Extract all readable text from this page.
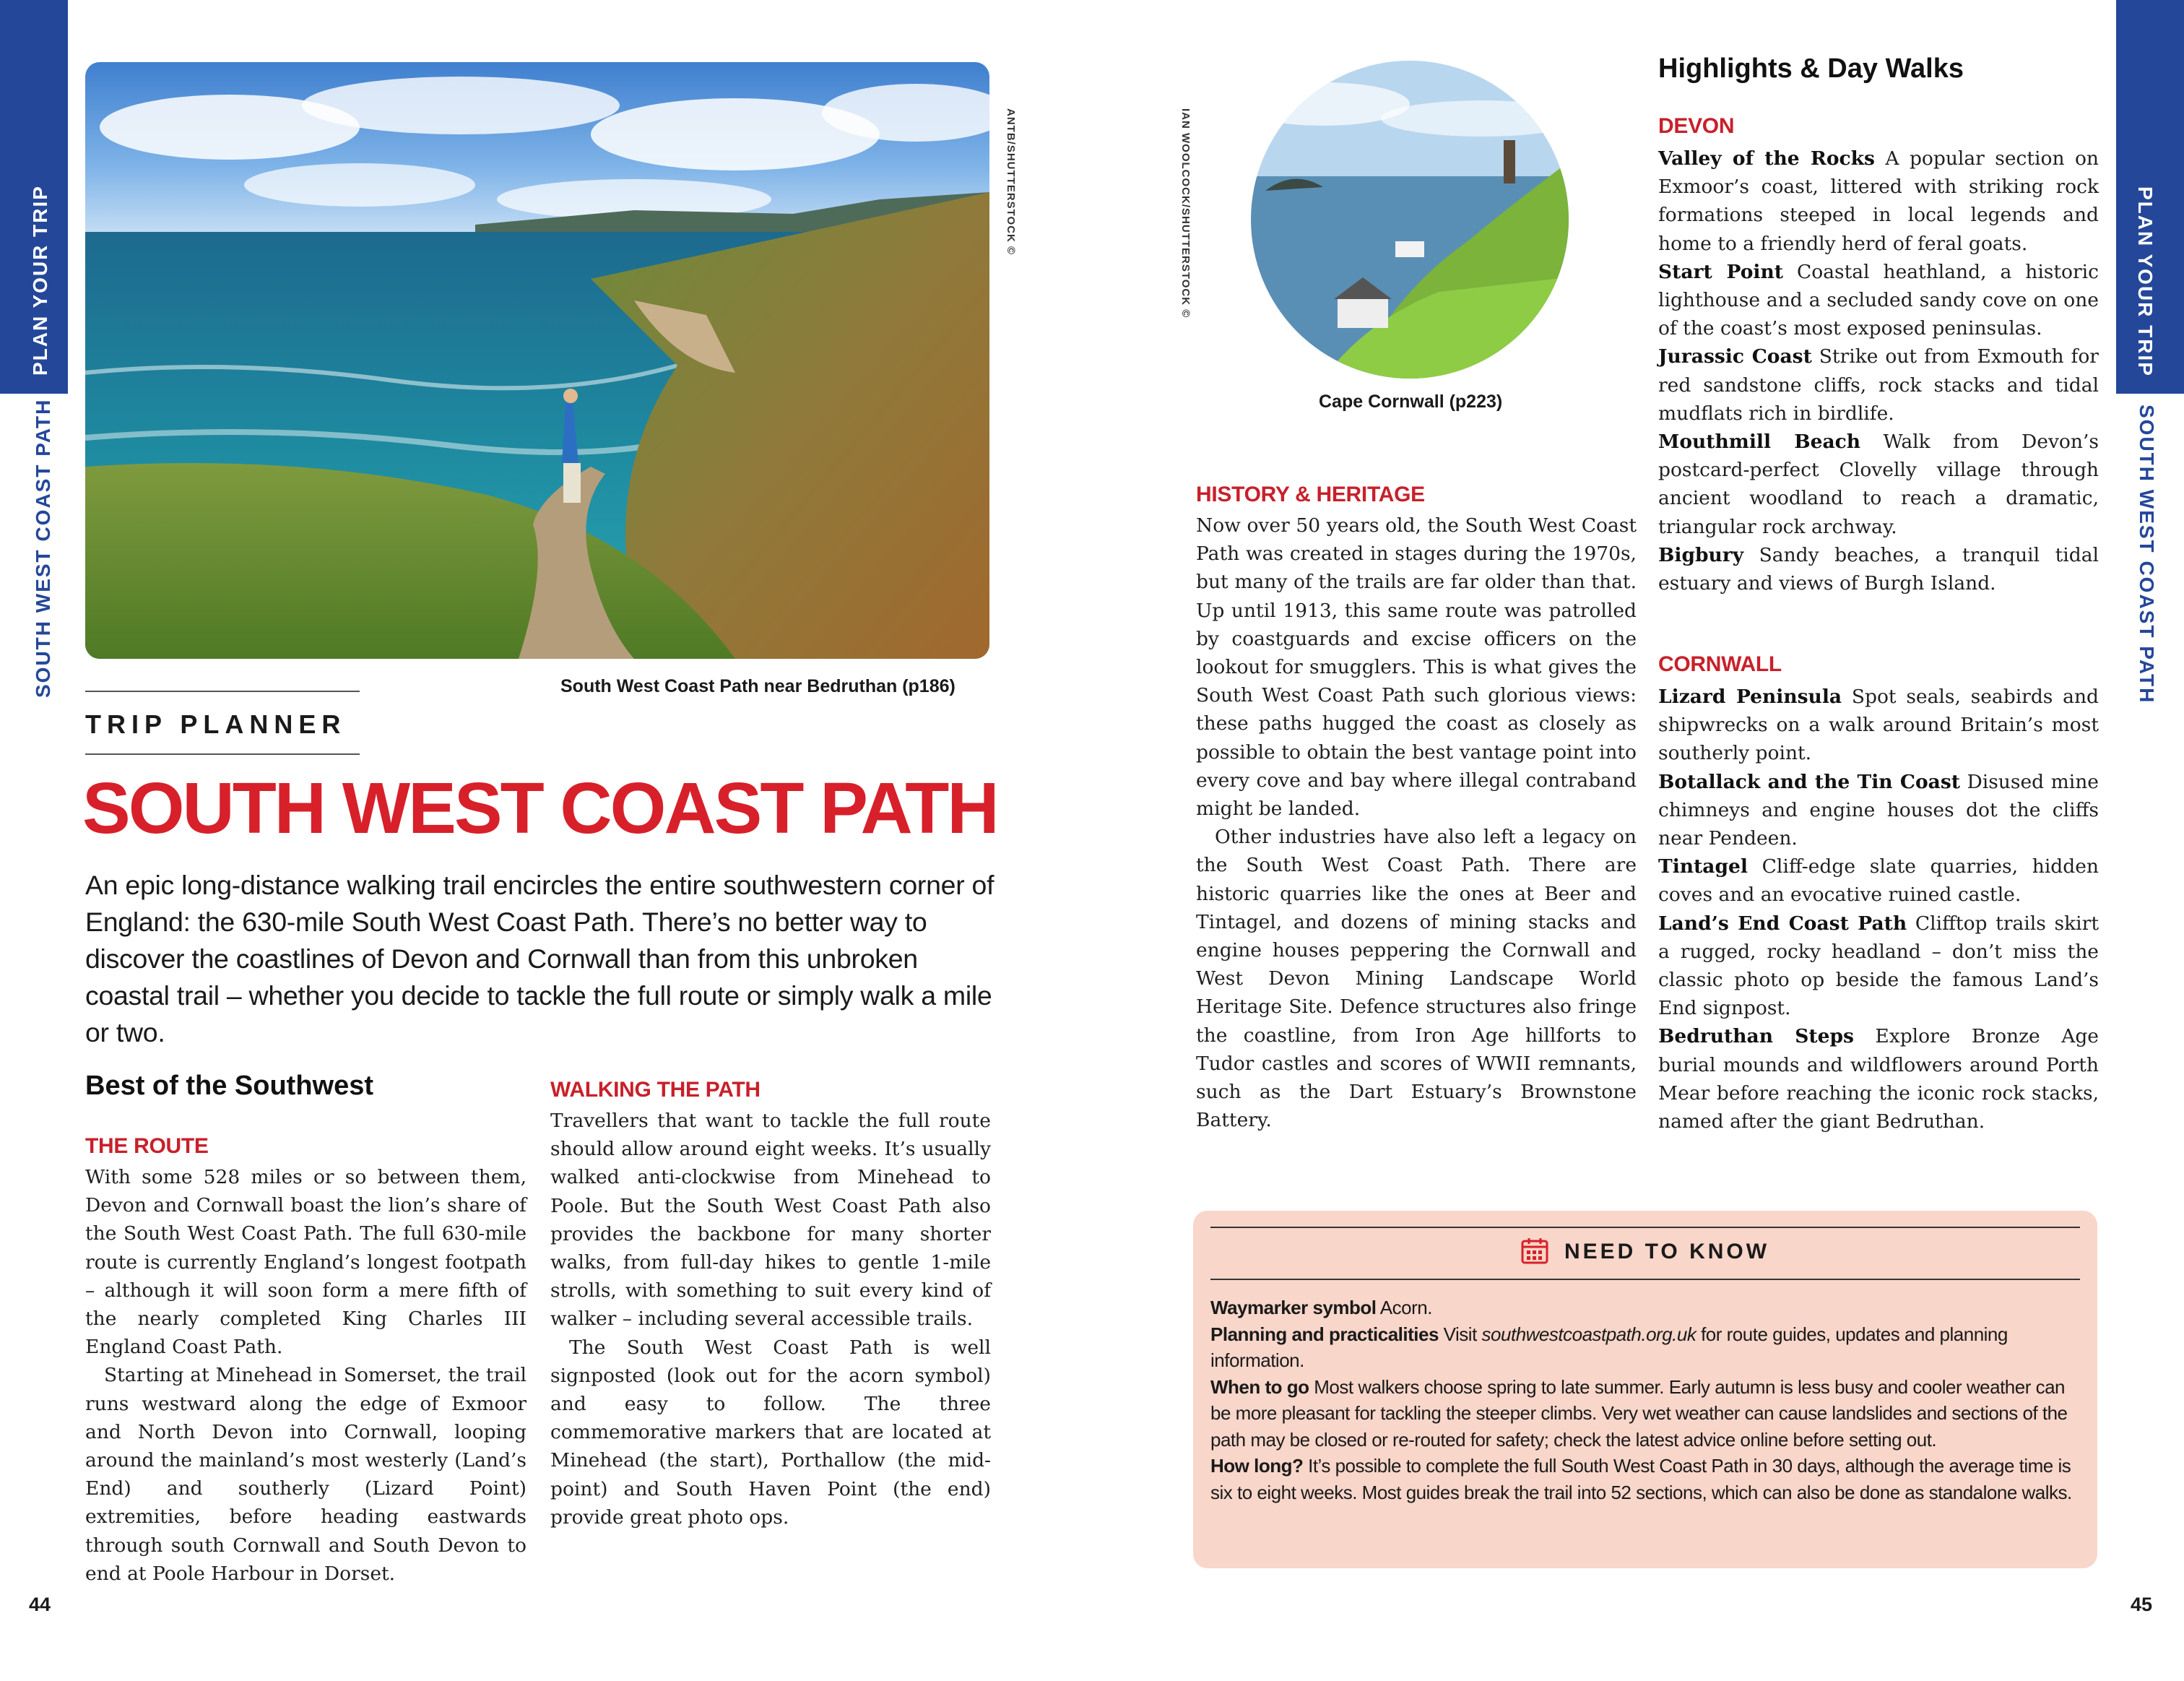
PLAN YOUR TRIP
SOUTH WEST COAST PATH
PLAN YOUR TRIP
SOUTH WEST COAST PATH
ANTB/SHUTTERSTOCK ©
South West Coast Path near Bedruthan (p186)
IAN WOOLCOCK/SHUTTERSTOCK ©
Cape Cornwall (p223)
TRIP PLANNER
SOUTH WEST COAST PATH
An epic long-distance walking trail encircles the entire southwestern corner of England: the 630-mile South West Coast Path. There’s no better way to discover the coastlines of Devon and Cornwall than from this unbroken coastal trail – whether you decide to tackle the full route or simply walk a mile or two.
Best of the Southwest
THE ROUTE

With some 528 miles or so between them, Devon and Cornwall boast the lion’s share of the South West Coast Path. The full 630-mile route is currently England’s longest footpath – although it will soon form a mere fifth of the nearly completed King Charles III England Coast Path.

Starting at Minehead in Somerset, the trail runs westward along the edge of Exmoor and North Devon into Cornwall, looping around the mainland’s most westerly (Land’s End) and southerly (Lizard Point) extremities, before heading eastwards through south Cornwall and South Devon to end at Poole Harbour in Dorset.

WALKING THE PATH

Travellers that want to tackle the full route should allow around eight weeks. It’s usually walked anti-clockwise from Minehead to Poole. But the South West Coast Path also provides the backbone for many shorter walks, from full-day hikes to gentle 1-mile strolls, with something to suit every kind of walker – including several accessible trails.

The South West Coast Path is well signposted (look out for the acorn symbol) and easy to follow. The three commemorative markers that are located at Minehead (the start), Porthallow (the mid-point) and South Haven Point (the end) provide great photo ops.

HISTORY & HERITAGE

Now over 50 years old, the South West Coast Path was created in stages during the 1970s, but many of the trails are far older than that. Up until 1913, this same route was patrolled by coastguards and excise officers on the lookout for smugglers. This is what gives the South West Coast Path such glorious views: these paths hugged the coast as closely as possible to obtain the best vantage point into every cove and bay where illegal contraband might be landed.

Other industries have also left a legacy on the South West Coast Path. There are historic quarries like the ones at Beer and Tintagel, and dozens of mining stacks and engine houses peppering the Cornwall and West Devon Mining Landscape World Heritage Site. Defence structures also fringe the coastline, from Iron Age hillforts to Tudor castles and scores of WWII remnants, such as the Dart Estuary’s Brownstone Battery.

Highlights & Day Walks
DEVON

Valley of the Rocks A popular section on Exmoor’s coast, littered with striking rock formations steeped in local legends and home to a friendly herd of feral goats.

Start Point Coastal heathland, a historic lighthouse and a secluded sandy cove on one of the coast’s most exposed peninsulas.

Jurassic Coast Strike out from Exmouth for red sandstone cliffs, rock stacks and tidal mudflats rich in birdlife.

Mouthmill Beach Walk from Devon’s postcard-perfect Clovelly village through ancient woodland to reach a dramatic, triangular rock archway.

Bigbury Sandy beaches, a tranquil tidal estuary and views of Burgh Island.

CORNWALL

Lizard Peninsula Spot seals, seabirds and shipwrecks on a walk around Britain’s most southerly point.

Botallack and the Tin Coast Disused mine chimneys and engine houses dot the cliffs near Pendeen.

Tintagel Cliff-edge slate quarries, hidden coves and an evocative ruined castle.

Land’s End Coast Path Clifftop trails skirt a rugged, rocky headland – don’t miss the classic photo op beside the famous Land’s End signpost.

Bedruthan Steps Explore Bronze Age burial mounds and wildflowers around Porth Mear before reaching the iconic rock stacks, named after the giant Bedruthan.

NEED TO KNOW

Waymarker symbol Acorn.

Planning and practicalities Visit southwestcoastpath.org.uk for route guides, updates and planning information.

When to go Most walkers choose spring to late summer. Early autumn is less busy and cooler weather can be more pleasant for tackling the steeper climbs. Very wet weather can cause landslides and sections of the path may be closed or re-routed for safety; check the latest advice online before setting out.

How long? It’s possible to complete the full South West Coast Path in 30 days, although the average time is six to eight weeks. Most guides break the trail into 52 sections, which can also be done as standalone walks.

44	45
